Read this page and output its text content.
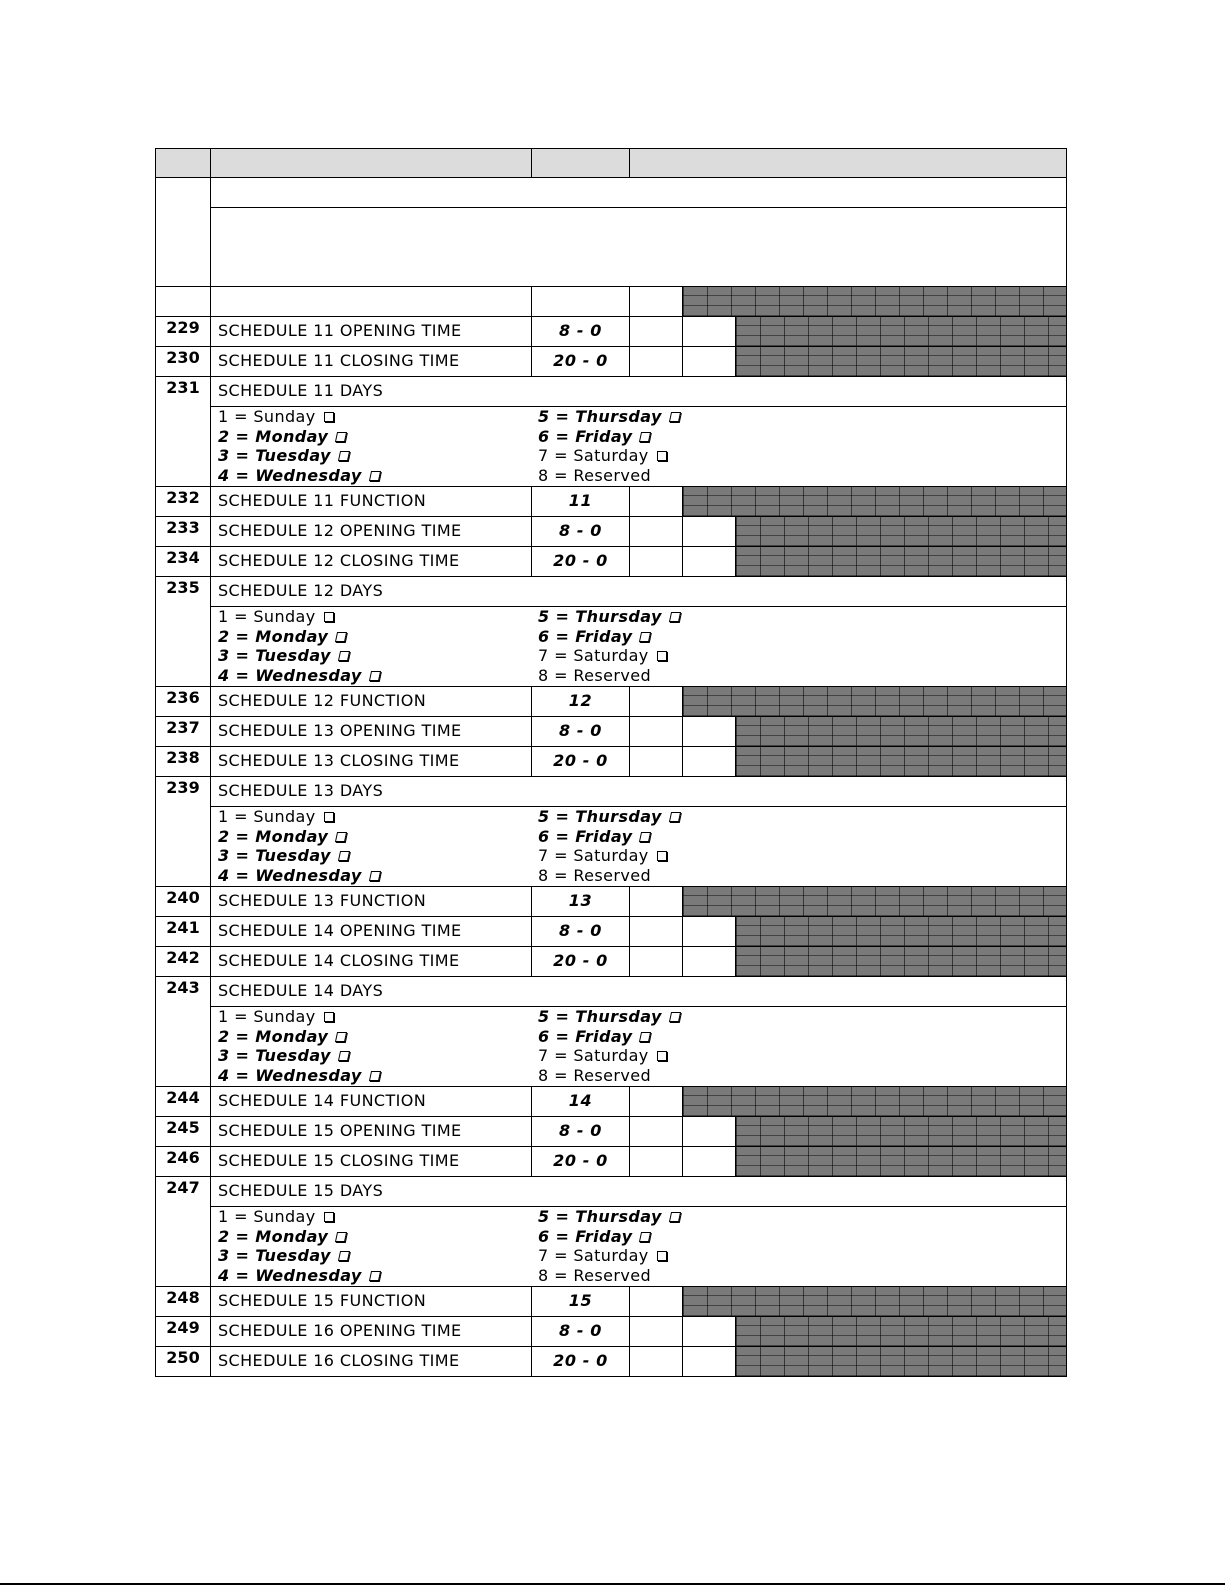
229	SCHEDULE 11 OPENING TIME	8 - 0
230	SCHEDULE 11 CLOSING TIME	20 - 0
231	SCHEDULE 11 DAYS
1 = Sunday
2 = Monday
3 = Tuesday
4 = Wednesday
5 = Thursday
6 = Friday
7 = Saturday
8 = Reserved
232	SCHEDULE 11 FUNCTION	11
233	SCHEDULE 12 OPENING TIME	8 - 0
234	SCHEDULE 12 CLOSING TIME	20 - 0
235	SCHEDULE 12 DAYS
1 = Sunday
2 = Monday
3 = Tuesday
4 = Wednesday
5 = Thursday
6 = Friday
7 = Saturday
8 = Reserved
236	SCHEDULE 12 FUNCTION	12
237	SCHEDULE 13 OPENING TIME	8 - 0
238	SCHEDULE 13 CLOSING TIME	20 - 0
239	SCHEDULE 13 DAYS
1 = Sunday
2 = Monday
3 = Tuesday
4 = Wednesday
5 = Thursday
6 = Friday
7 = Saturday
8 = Reserved
240	SCHEDULE 13 FUNCTION	13
241	SCHEDULE 14 OPENING TIME	8 - 0
242	SCHEDULE 14 CLOSING TIME	20 - 0
243	SCHEDULE 14 DAYS
1 = Sunday
2 = Monday
3 = Tuesday
4 = Wednesday
5 = Thursday
6 = Friday
7 = Saturday
8 = Reserved
244	SCHEDULE 14 FUNCTION	14
245	SCHEDULE 15 OPENING TIME	8 - 0
246	SCHEDULE 15 CLOSING TIME	20 - 0
247	SCHEDULE 15 DAYS
1 = Sunday
2 = Monday
3 = Tuesday
4 = Wednesday
5 = Thursday
6 = Friday
7 = Saturday
8 = Reserved
248	SCHEDULE 15 FUNCTION	15
249	SCHEDULE 16 OPENING TIME	8 - 0
250	SCHEDULE 16 CLOSING TIME	20 - 0
